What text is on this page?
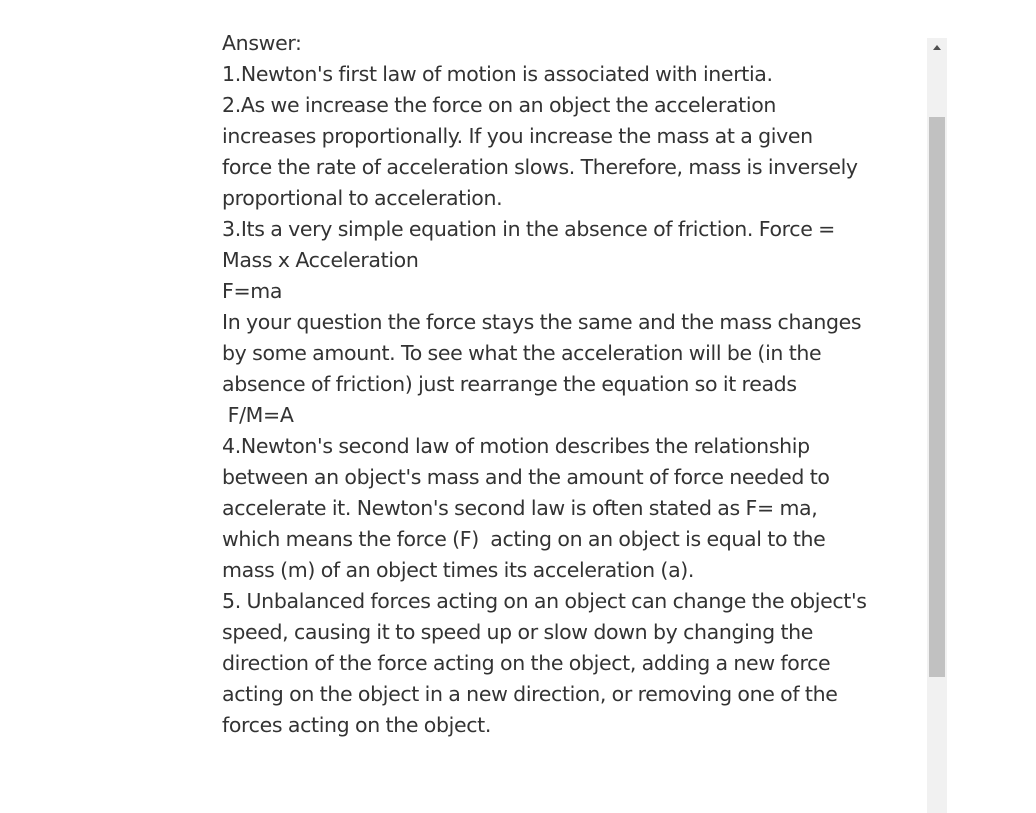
Answer:
1.Newton's first law of motion is associated with inertia.
2.As we increase the force on an object the acceleration
increases proportionally. If you increase the mass at a given
force the rate of acceleration slows. Therefore, mass is inversely
proportional to acceleration.
3.Its a very simple equation in the absence of friction. Force =
Mass x Acceleration
F=ma
In your question the force stays the same and the mass changes
by some amount. To see what the acceleration will be (in the
absence of friction) just rearrange the equation so it reads
F/M=A
4.Newton's second law of motion describes the relationship
between an object's mass and the amount of force needed to
accelerate it. Newton's second law is often stated as F= ma,
which means the force (F)  acting on an object is equal to the
mass (m) of an object times its acceleration (a).
5. Unbalanced forces acting on an object can change the object's
speed, causing it to speed up or slow down by changing the
direction of the force acting on the object, adding a new force
acting on the object in a new direction, or removing one of the
forces acting on the object.
